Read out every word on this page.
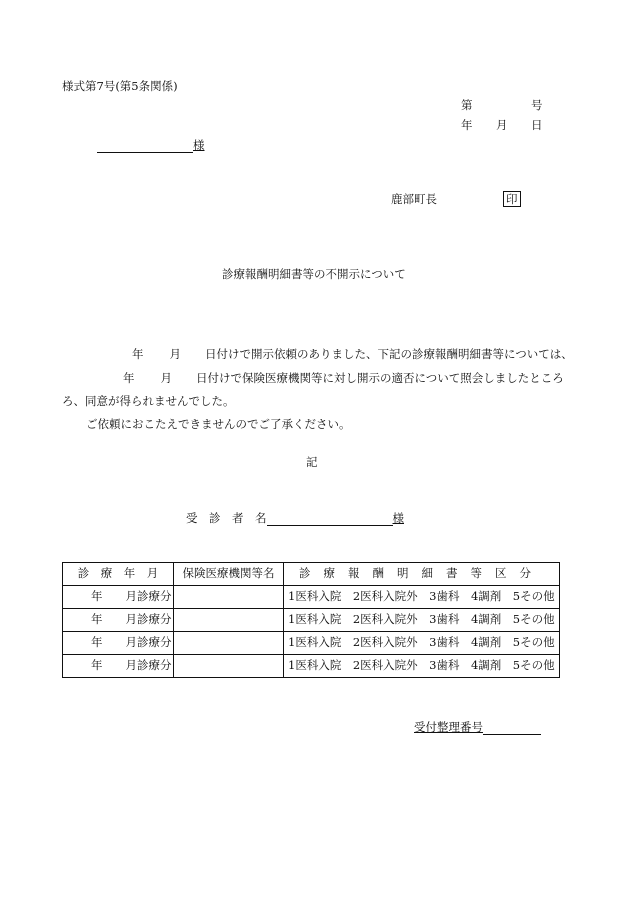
様式第7号(第5条関係)
第	号
年 月 日
様
鹿部町長	印
診療報酬明細書等の不開示について
年 月 日付けで開示依頼のありました、下記の診療報酬明細書等については、
年 月 日付けで保険医療機関等に対し開示の適否について照会しましたところ
ろ、同意が得られませんでした。
ご依頼におこたえできませんのでご了承ください。
記
受　診　者　名	様
診　療　年　月	保険医療機関等名	診療報酬明細書等区分
年　　月診療分		1医科入院　2医科入院外　3歯科　4調剤　5その他
年　　月診療分		1医科入院　2医科入院外　3歯科　4調剤　5その他
年　　月診療分		1医科入院　2医科入院外　3歯科　4調剤　5その他
年　　月診療分		1医科入院　2医科入院外　3歯科　4調剤　5その他
受付整理番号
